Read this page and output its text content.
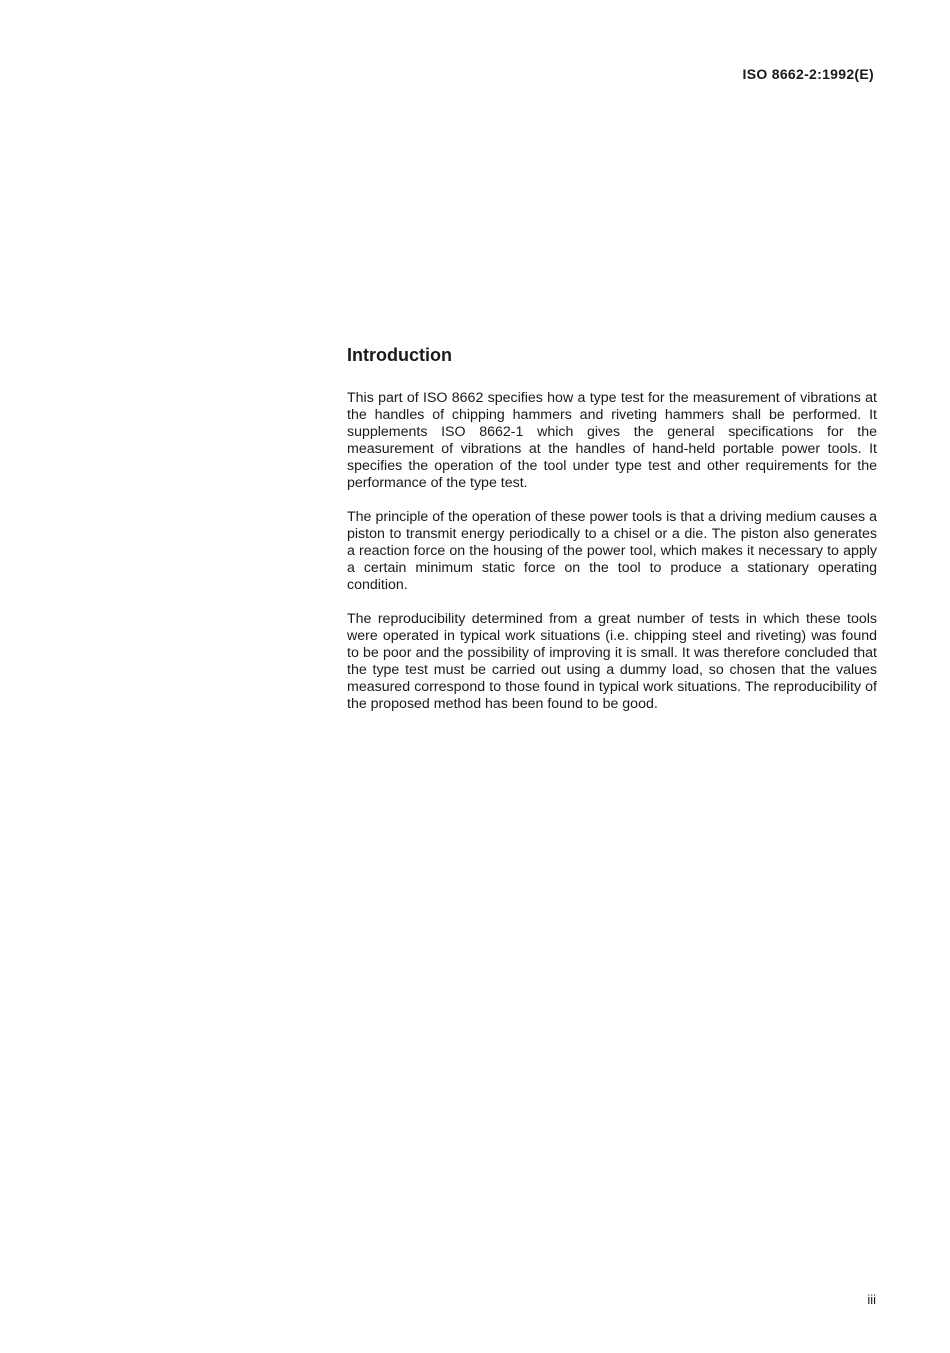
ISO 8662-2:1992(E)
Introduction

This part of ISO 8662 specifies how a type test for the measurement of vibrations at the handles of chipping hammers and riveting hammers shall be performed. It supplements ISO 8662-1 which gives the general specifications for the measurement of vibrations at the handles of hand-held portable power tools. It specifies the operation of the tool under type test and other requirements for the performance of the type test.

The principle of the operation of these power tools is that a driving medium causes a piston to transmit energy periodically to a chisel or a die. The piston also generates a reaction force on the housing of the power tool, which makes it necessary to apply a certain minimum static force on the tool to produce a stationary operating condition.

The reproducibility determined from a great number of tests in which these tools were operated in typical work situations (i.e. chipping steel and riveting) was found to be poor and the possibility of improving it is small. It was therefore concluded that the type test must be carried out using a dummy load, so chosen that the values measured correspond to those found in typical work situations. The reproducibility of the proposed method has been found to be good.

iii
